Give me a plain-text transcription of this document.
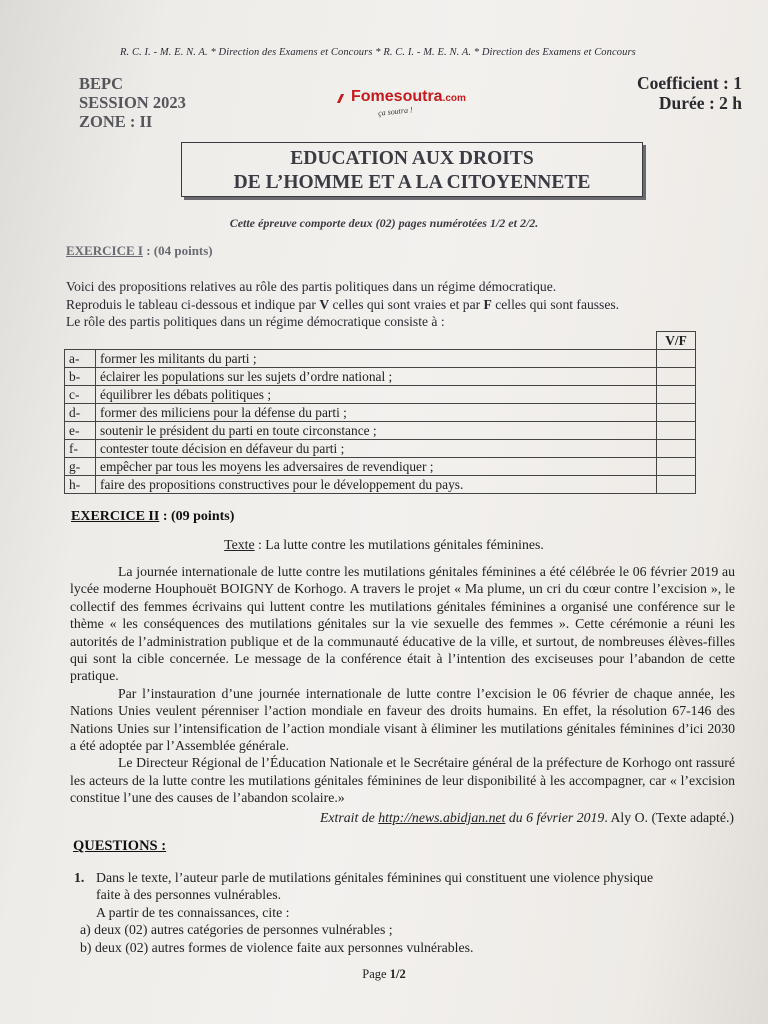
R. C. I. - M. E. N. A. * Direction des Examens et Concours * R. C. I. - M. E. N. A. * Direction des Examens et Concours
BEPC
SESSION 2023
ZONE : II
Fomesoutra.com
ça soutra !
Coefficient : 1
Durée : 2 h
EDUCATION AUX DROITS
DE L’HOMME ET A LA CITOYENNETE
Cette épreuve comporte deux (02) pages numérotées 1/2 et 2/2.
EXERCICE I : (04 points)
Voici des propositions relatives au rôle des partis politiques dans un régime démocratique.
Reproduis le tableau ci-dessous et indique par V celles qui sont vraies et par F celles qui sont fausses.
Le rôle des partis politiques dans un régime démocratique consiste à :
		V/F
a-	former les militants du parti ;	
b-	éclairer les populations sur les sujets d’ordre national ;	
c-	équilibrer les débats politiques ;	
d-	former des miliciens pour la défense du parti ;	
e-	soutenir le président du parti en toute circonstance ;	
f-	contester toute décision en défaveur du parti ;	
g-	empêcher par tous les moyens les adversaires de revendiquer ;	
h-	faire des propositions constructives pour le développement du pays.	
EXERCICE II : (09 points)
Texte : La lutte contre les mutilations génitales féminines.

La journée internationale de lutte contre les mutilations génitales féminines a été célébrée le 06 février 2019 au lycée moderne Houphouët BOIGNY de Korhogo. A travers le projet « Ma plume, un cri du cœur contre l’excision », le collectif des femmes écrivains qui luttent contre les mutilations génitales féminines a organisé une conférence sur le thème « les conséquences des mutilations génitales sur la vie sexuelle des femmes ». Cette cérémonie a réuni les autorités de l’administration publique et de la communauté éducative de la ville, et surtout, de nombreuses élèves-filles qui sont la cible concernée. Le message de la conférence était à l’intention des exciseuses pour l’abandon de cette pratique.

Par l’instauration d’une journée internationale de lutte contre l’excision le 06 février de chaque année, les Nations Unies veulent pérenniser l’action mondiale en faveur des droits humains. En effet, la résolution 67-146 des Nations Unies sur l’intensification de l’action mondiale visant à éliminer les mutilations génitales féminines d’ici 2030 a été adoptée par l’Assemblée générale.

Le Directeur Régional de l’Éducation Nationale et le Secrétaire général de la préfecture de Korhogo ont rassuré les acteurs de la lutte contre les mutilations génitales féminines de leur disponibilité à les accompagner, car « l’excision constitue l’une des causes de l’abandon scolaire.»

Extrait de http://news.abidjan.net du 6 février 2019. Aly O. (Texte adapté.)
QUESTIONS :
1. Dans le texte, l’auteur parle de mutilations génitales féminines qui constituent une violence physique
faite à des personnes vulnérables.
A partir de tes connaissances, cite :
a) deux (02) autres catégories de personnes vulnérables ;
b) deux (02) autres formes de violence faite aux personnes vulnérables.
Page 1/2
